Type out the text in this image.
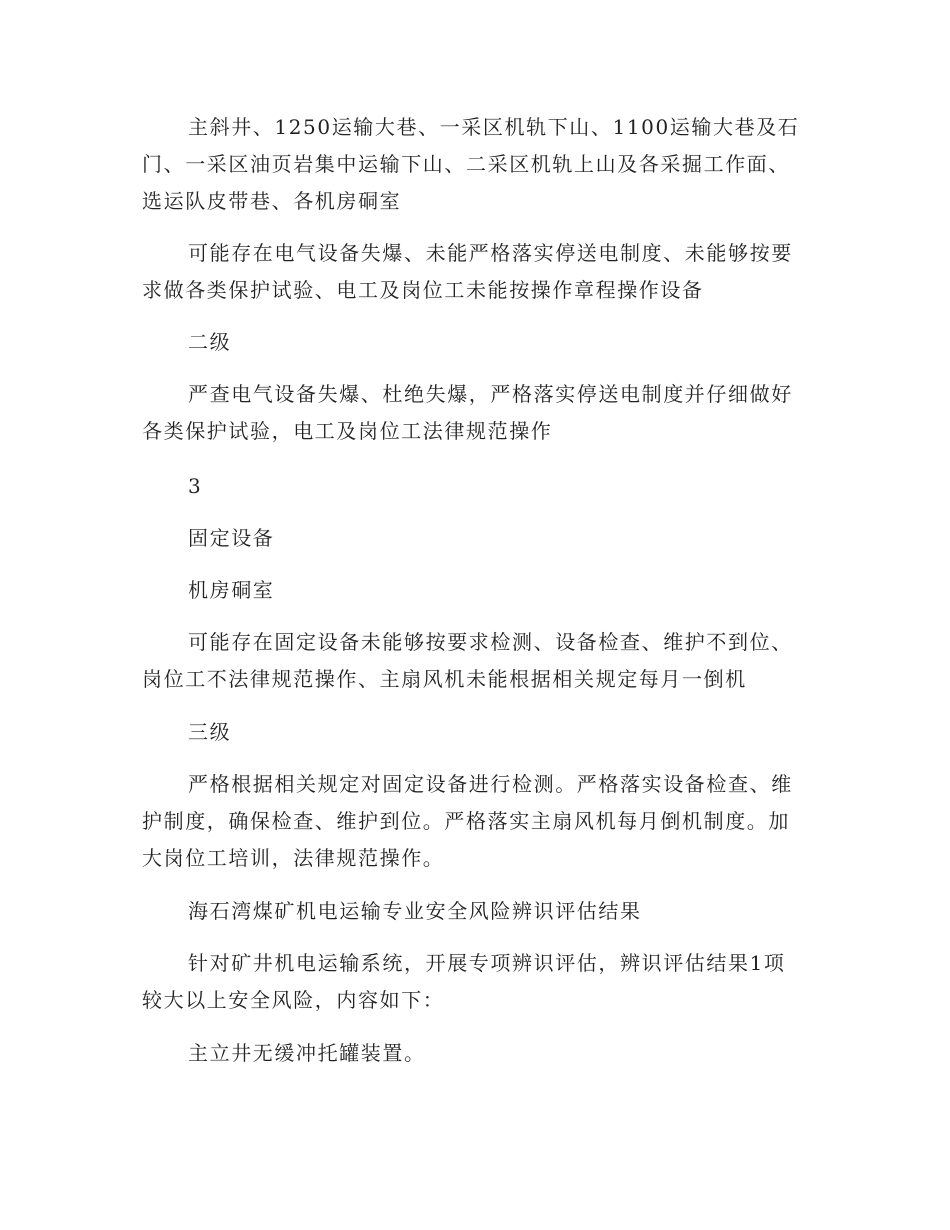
主斜井、1250运输大巷、一采区机轨下山、1100运输大巷及石门、一采区油页岩集中运输下山、二采区机轨上山及各采掘工作面、选运队皮带巷、各机房硐室

可能存在电气设备失爆、未能严格落实停送电制度、未能够按要求做各类保护试验、电工及岗位工未能按操作章程操作设备

二级

严查电气设备失爆、杜绝失爆，严格落实停送电制度并仔细做好各类保护试验，电工及岗位工法律规范操作

3

固定设备

机房硐室

可能存在固定设备未能够按要求检测、设备检查、维护不到位、岗位工不法律规范操作、主扇风机未能根据相关规定每月一倒机

三级

严格根据相关规定对固定设备进行检测。严格落实设备检查、维护制度，确保检查、维护到位。严格落实主扇风机每月倒机制度。加大岗位工培训，法律规范操作。

海石湾煤矿机电运输专业安全风险辨识评估结果

针对矿井机电运输系统，开展专项辨识评估，辨识评估结果1项较大以上安全风险，内容如下：

主立井无缓冲托罐装置。
